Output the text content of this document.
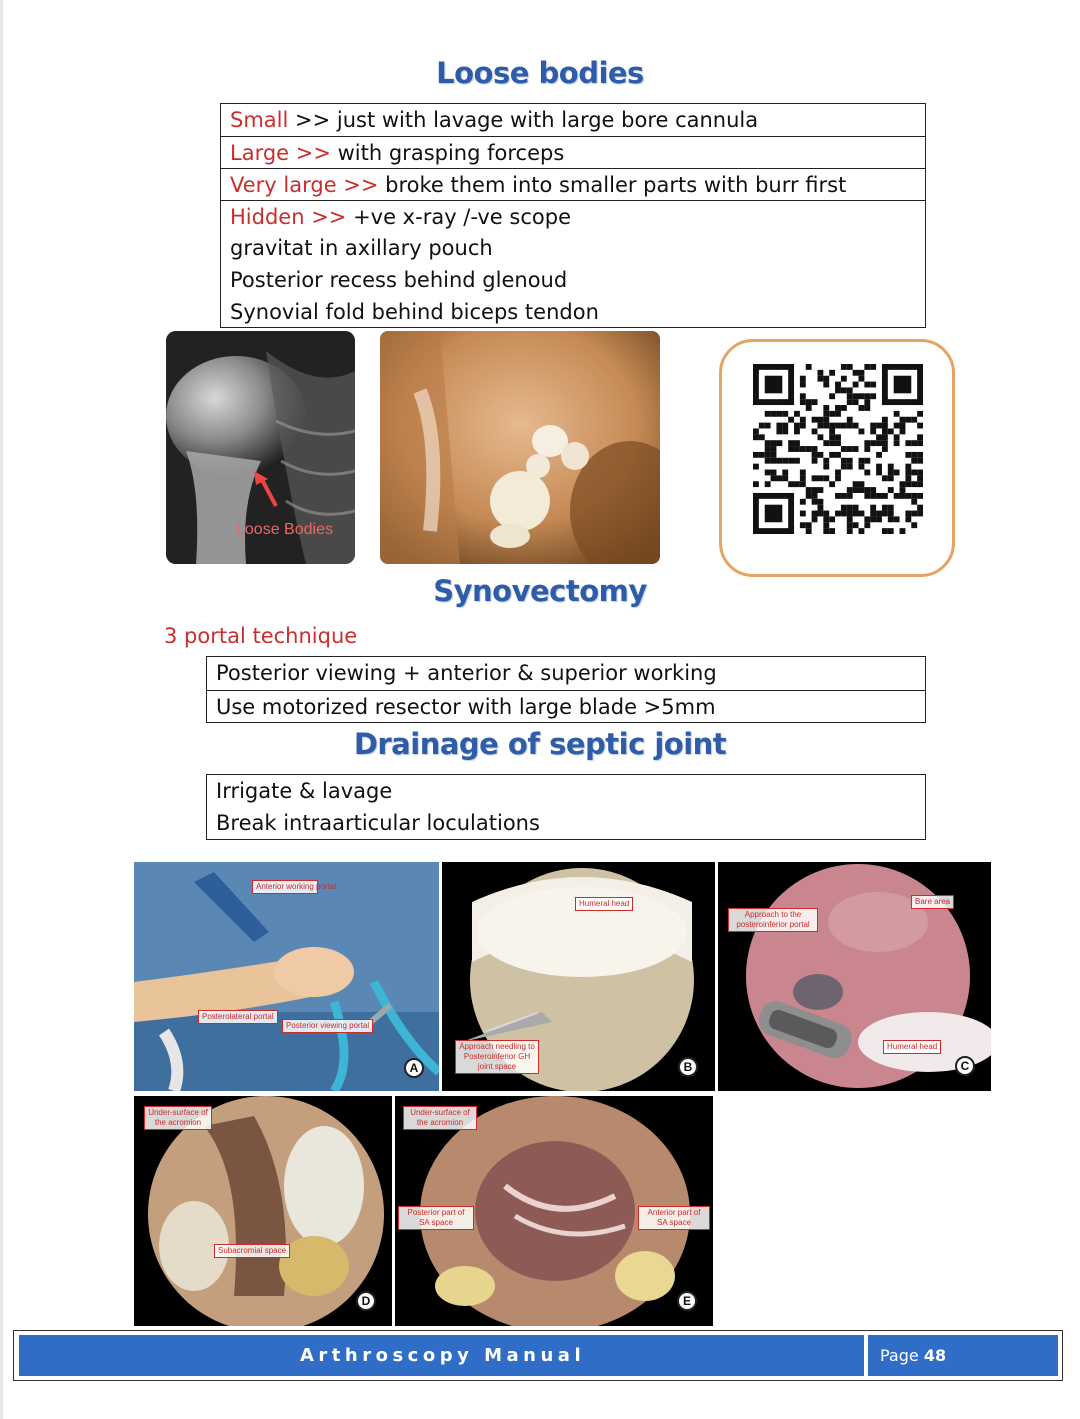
Loose bodies
Small >> just with lavage with large bore cannula
Large >> with grasping forceps
Very large >> broke them into smaller parts with burr first
Hidden >> +ve x-ray /-ve scope
gravitat in axillary pouch
Posterior recess behind glenoud
Synovial fold behind biceps tendon
Loose Bodies
Synovectomy
3 portal technique
Posterior viewing + anterior & superior working
Use motorized resector with large blade >5mm
Drainage of septic joint
Irrigate & lavage
Break intraarticular loculations
Anterior working portal
Posterolateral portal
Posterior viewing portal
A
Humeral head
Approach needling to Posteroinferior GH joint space	B
Approach to the posteroinferior portal
Bare area
Humeral head
C
Under-surface of the acromion
Subacromial space
D
Under-surface of the acromion
Posterior part of SA space
Anterior part of SA space
E
Arthroscopy Manual	Page 48
